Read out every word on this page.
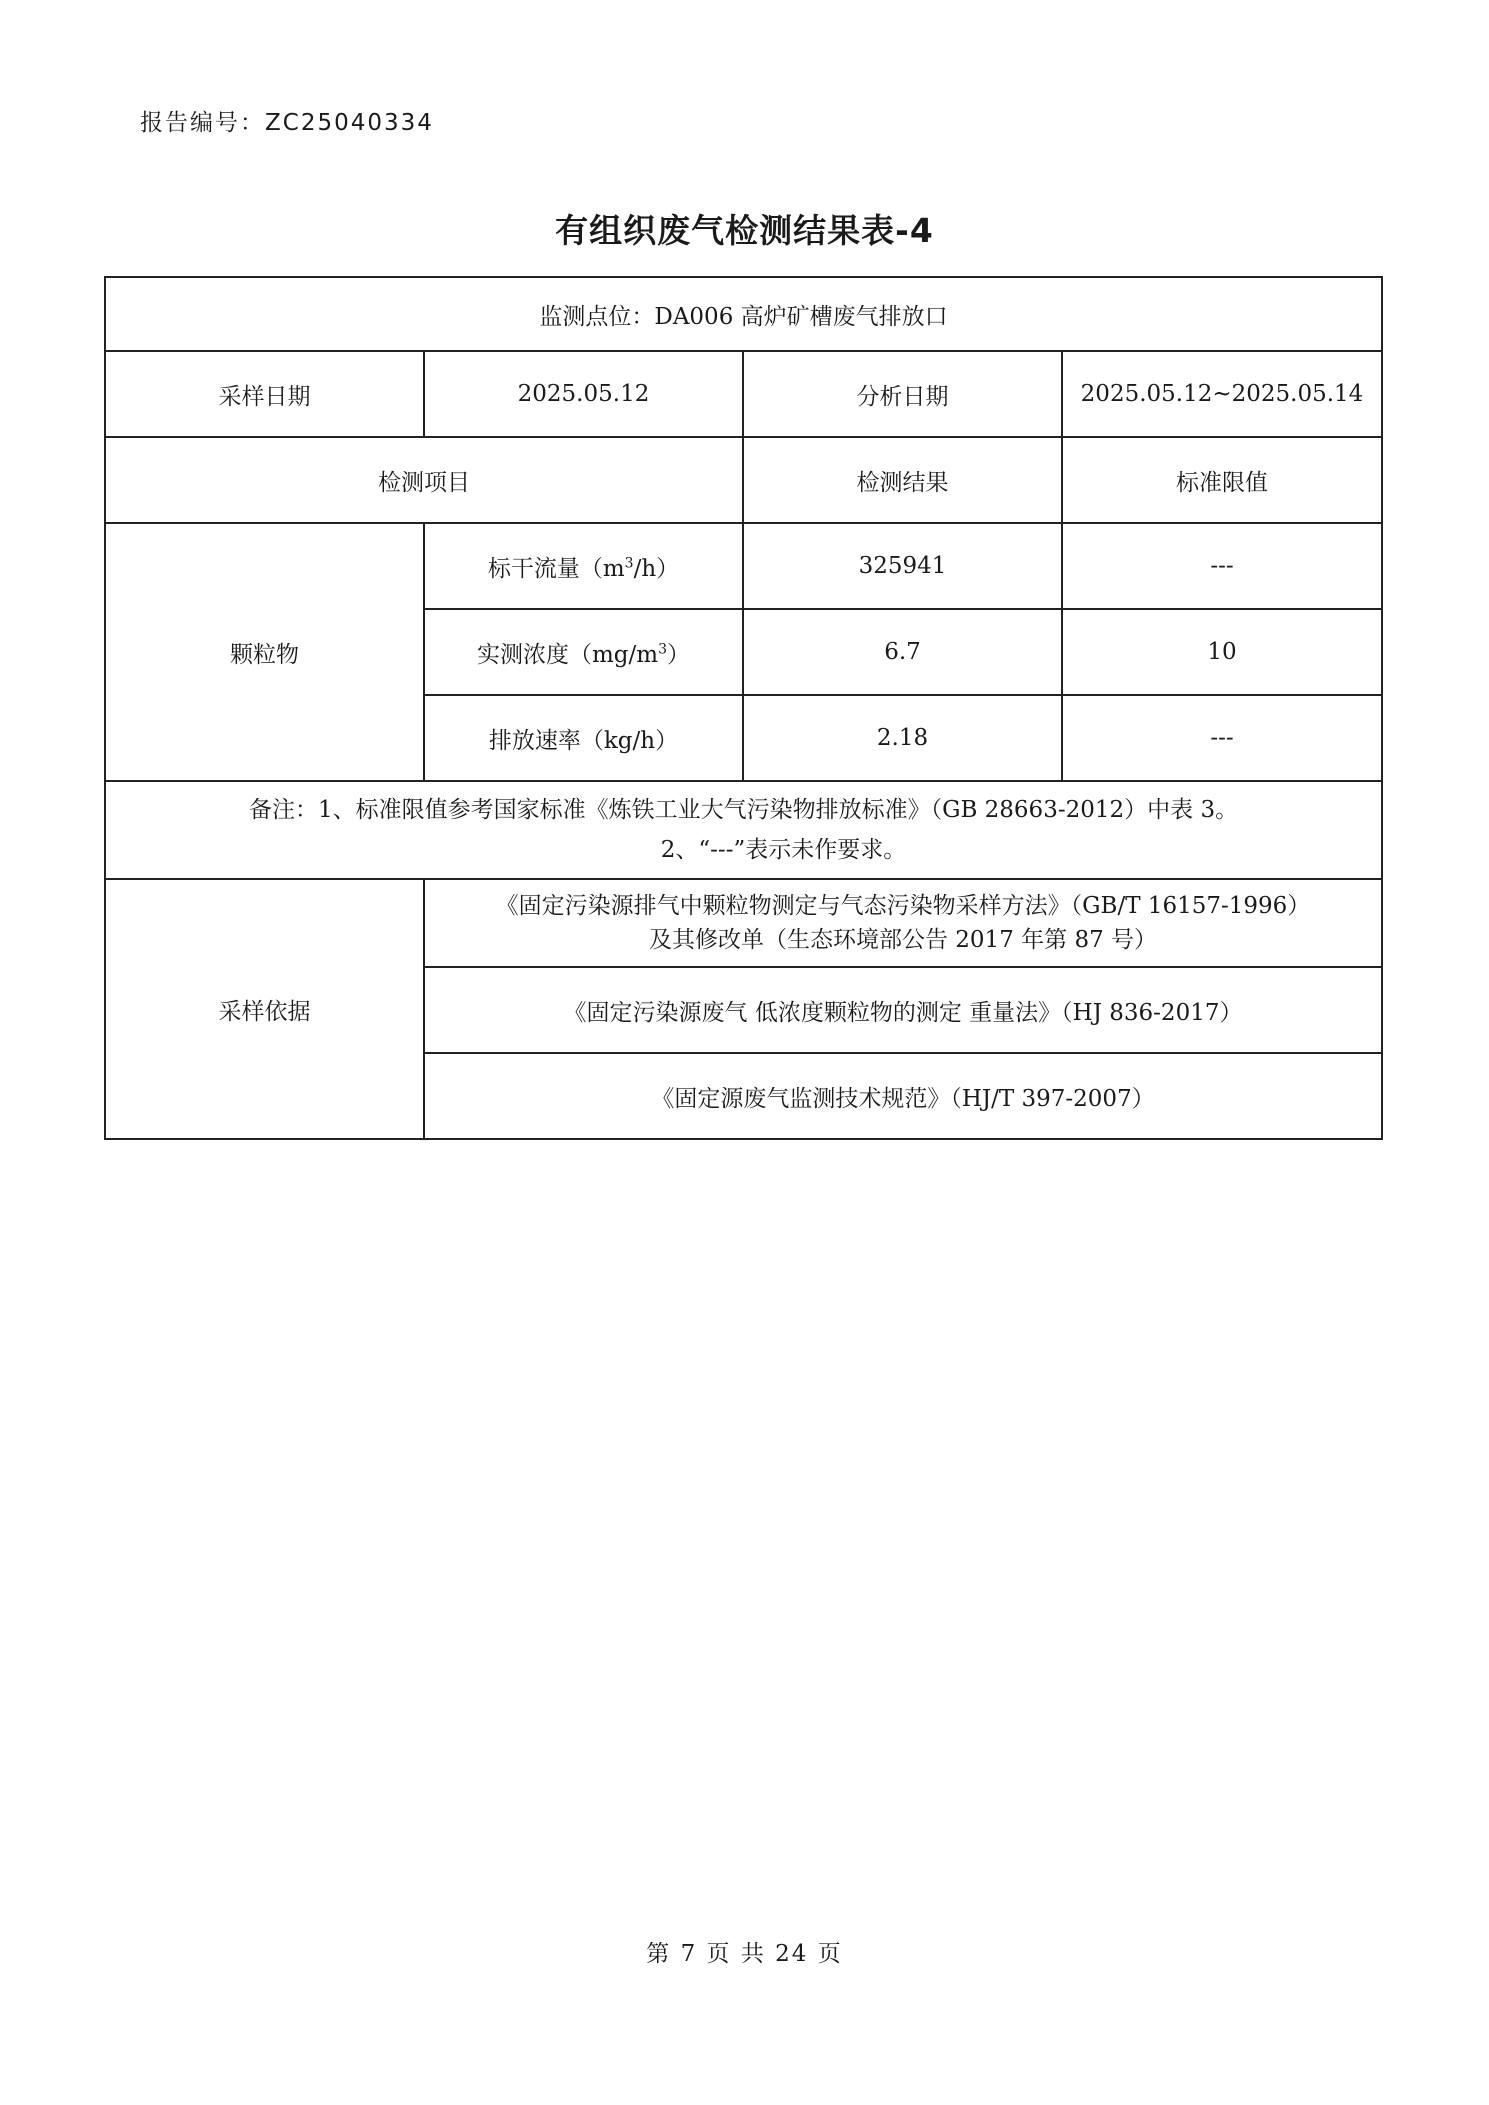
报告编号：ZC25040334
有组织废气检测结果表-4
监测点位：DA006 高炉矿槽废气排放口			
采样日期	2025.05.12	分析日期	2025.05.12~2025.05.14
检测项目		检测结果	标准限值
颗粒物	标干流量$(m^3/h)$	325941	---
	实测浓度$(mg/m^3)$	6.7	10
	排放速率（kg/h）	2.18	---

备注：1、标准限值参考国家标准《炼铁工业大气污染物排放标准》（GB 28663-2012）中表 3。
2、“---”表示未作要求。			

采样依据	《固定污染源排气中颗粒物测定与气态污染物采样方法》（GB/T 16157-1996）
及其修改单（生态环境部公告 2017 年第 87 号）		

	《固定污染源废气 低浓度颗粒物的测定 重量法》（HJ 836-2017）		
	《固定源废气监测技术规范》（HJ/T 397-2007）		
第 7 页 共 24 页
